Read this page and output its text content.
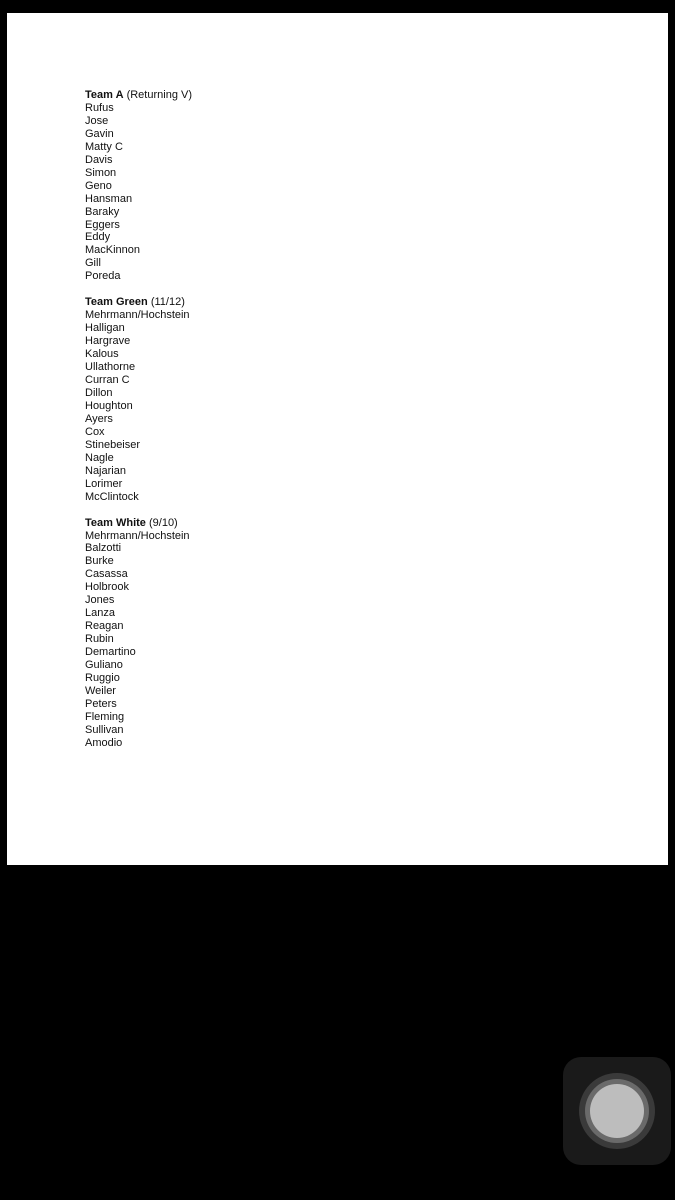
Team A (Returning V)
Rufus
Jose
Gavin
Matty C
Davis
Simon
Geno
Hansman
Baraky
Eggers
Eddy
MacKinnon
Gill
Poreda
Team Green (11/12)
Mehrmann/Hochstein
Halligan
Hargrave
Kalous
Ullathorne
Curran C
Dillon
Houghton
Ayers
Cox
Stinebeiser
Nagle
Najarian
Lorimer
McClintock
Team White (9/10)
Mehrmann/Hochstein
Balzotti
Burke
Casassa
Holbrook
Jones
Lanza
Reagan
Rubin
Demartino
Guliano
Ruggio
Weiler
Peters
Fleming
Sullivan
Amodio
